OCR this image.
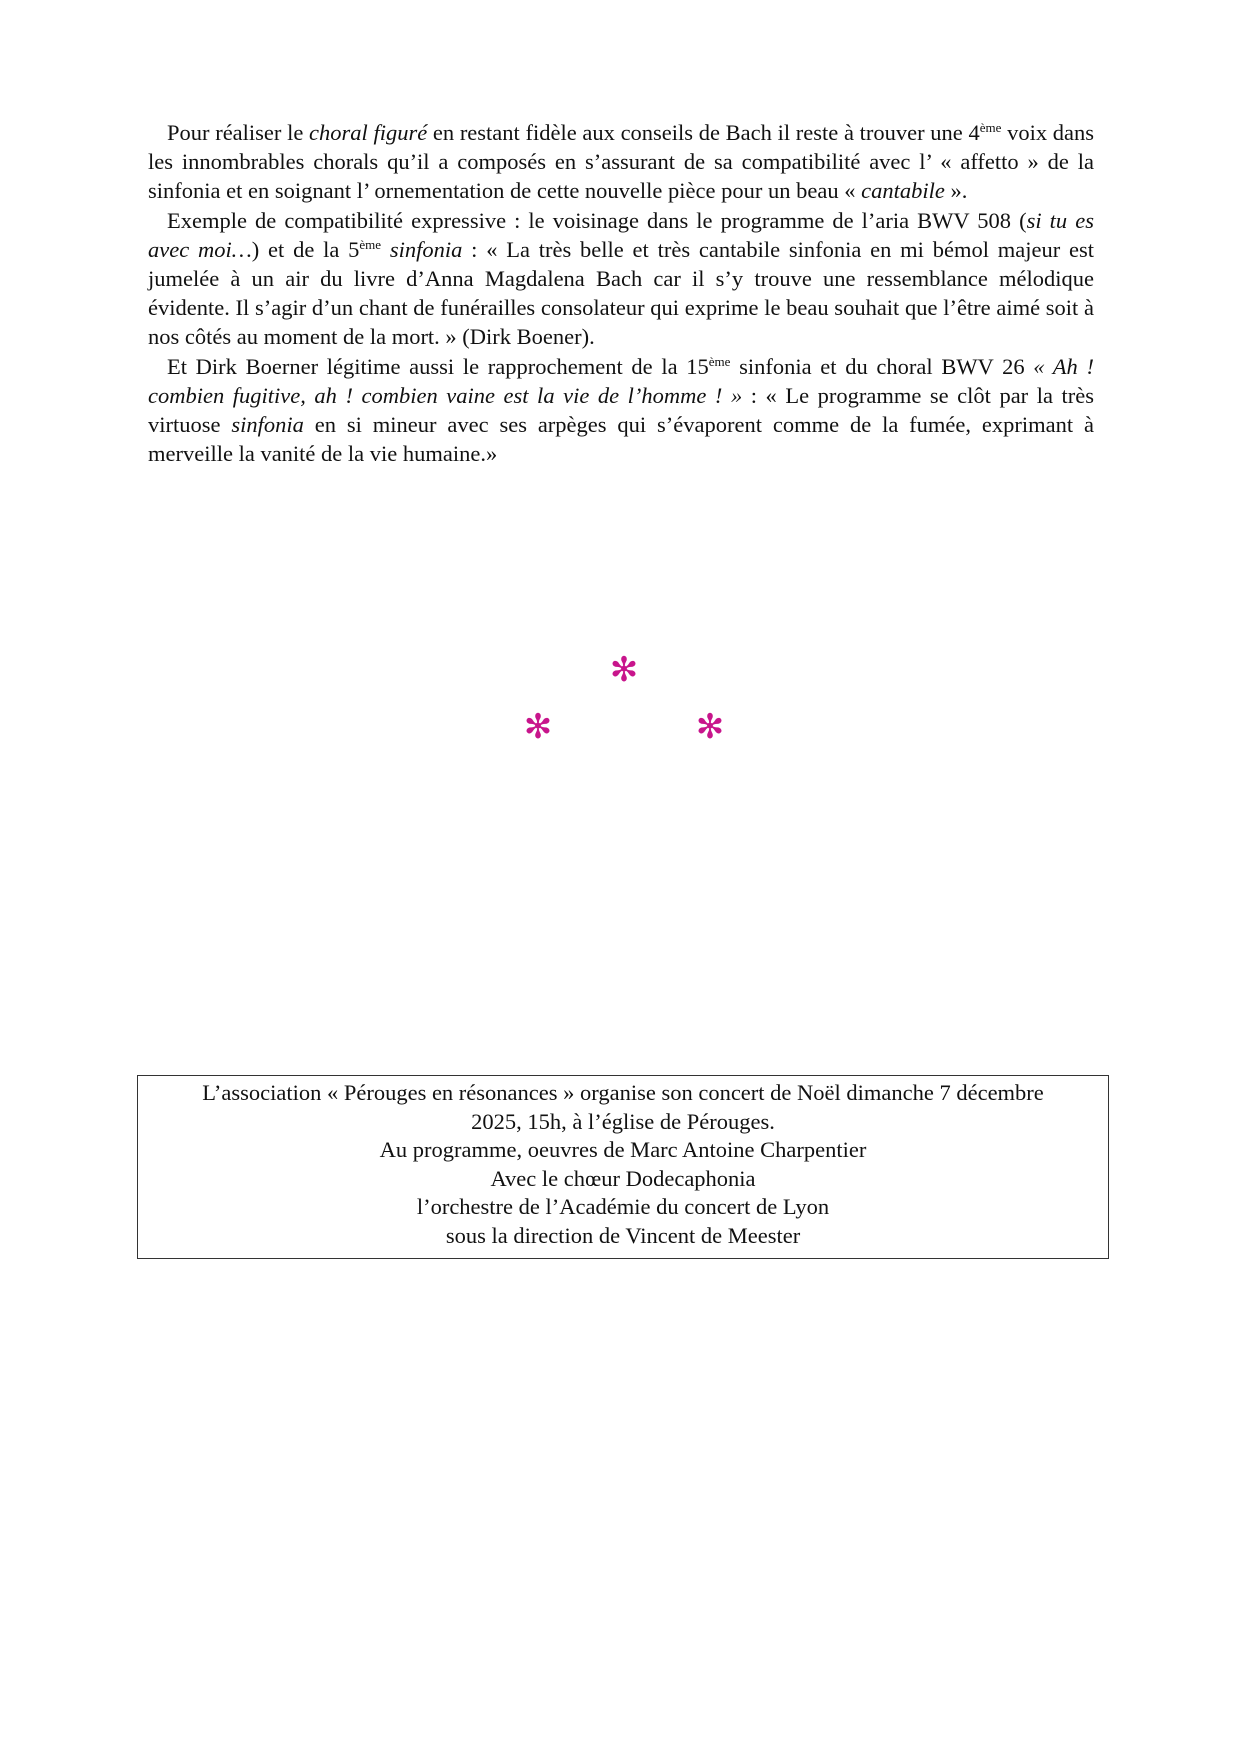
Pour réaliser le choral figuré en restant fidèle aux conseils de Bach il reste à trouver une 4ème voix dans les innombrables chorals qu’il a composés en s’assurant de sa compatibilité avec l’ « affetto » de la sinfonia et en soignant l’ ornementation de cette nouvelle pièce pour un beau « cantabile ».

Exemple de compatibilité expressive : le voisinage dans le programme de l’aria BWV 508 (si tu es avec moi…) et de la 5ème sinfonia : « La très belle et très cantabile sinfonia en mi bémol majeur est jumelée à un air du livre d’Anna Magdalena Bach car il s’y trouve une ressemblance mélodique évidente. Il s’agir d’un chant de funérailles consolateur qui exprime le beau souhait que l’être aimé soit à nos côtés au moment de la mort. » (Dirk Boener).

Et Dirk Boerner légitime aussi le rapprochement de la 15ème sinfonia et du choral BWV 26 « Ah ! combien fugitive, ah ! combien vaine est la vie de l’homme ! » : « Le programme se clôt par la très virtuose sinfonia en si mineur avec ses arpèges qui s’évaporent comme de la fumée, exprimant à merveille la vanité de la vie humaine.»

✻
✻	✻
L’association « Pérouges en résonances » organise son concert de Noël dimanche 7 décembre
2025, 15h, à l’église de Pérouges.
Au programme, oeuvres de Marc Antoine Charpentier
Avec le chœur Dodecaphonia
l’orchestre de l’Académie du concert de Lyon
sous la direction de Vincent de Meester
